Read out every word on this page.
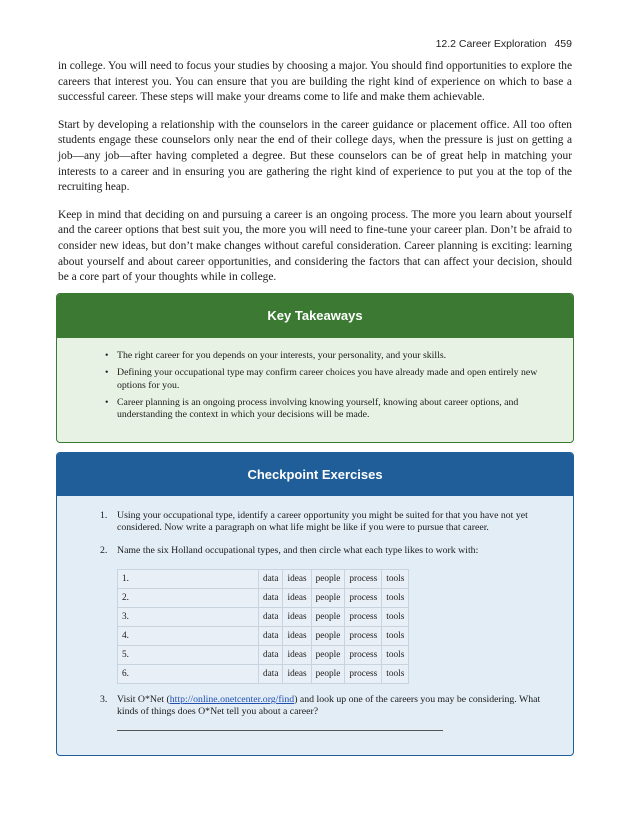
12.2 Career Exploration 459

in college. You will need to focus your studies by choosing a major. You should find opportunities to explore the careers that interest you. You can ensure that you are building the right kind of experience on which to base a successful career. These steps will make your dreams come to life and make them achievable.

Start by developing a relationship with the counselors in the career guidance or placement office. All too often students engage these counselors only near the end of their college days, when the pressure is just on getting a job—any job—after having completed a degree. But these counselors can be of great help in matching your interests to a career and in ensuring you are gathering the right kind of experience to put you at the top of the recruiting heap.

Keep in mind that deciding on and pursuing a career is an ongoing process. The more you learn about yourself and the career options that best suit you, the more you will need to fine-tune your career plan. Don’t be afraid to consider new ideas, but don’t make changes without careful consideration. Career planning is exciting: learning about yourself and about career opportunities, and considering the factors that can affect your decision, should be a core part of your thoughts while in college.

Key Takeaways
• The right career for you depends on your interests, your personality, and your skills.
• Defining your occupational type may confirm career choices you have already made and open entirely new options for you.
• Career planning is an ongoing process involving knowing yourself, knowing about career options, and understanding the context in which your decisions will be made.
Checkpoint Exercises
1. Using your occupational type, identify a career opportunity you might be suited for that you have not yet considered. Now write a paragraph on what life might be like if you were to pursue that career.
2. Name the six Holland occupational types, and then circle what each type likes to work with:
1.	data	ideas	people	process	tools
2.	data	ideas	people	process	tools
3.	data	ideas	people	process	tools
4.	data	ideas	people	process	tools
5.	data	ideas	people	process	tools
6.	data	ideas	people	process	tools
3. Visit O*Net (http://online.onetcenter.org/find) and look up one of the careers you may be considering. What kinds of things does O*Net tell you about a career?
